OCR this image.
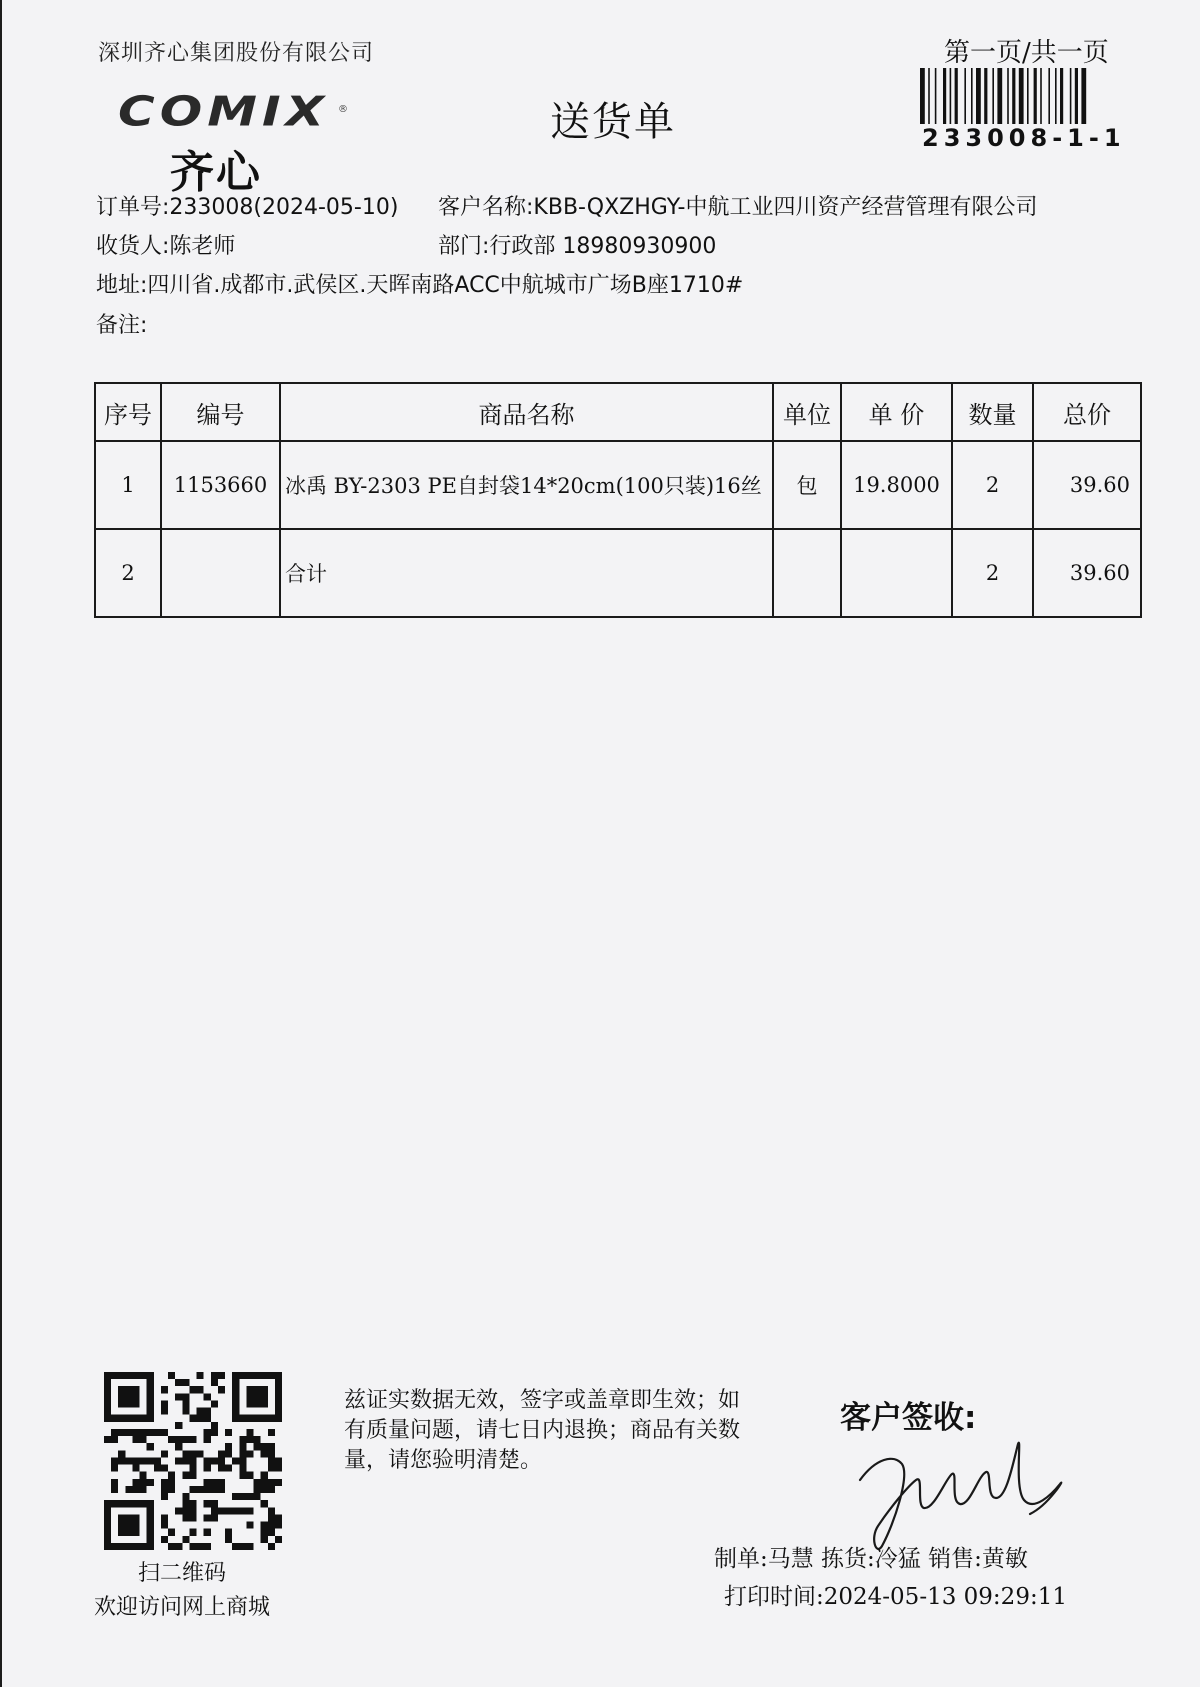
深圳齐心集团股份有限公司	第一页/共一页
233008-1-1
COMIX ®
齐心
送货单
订单号:233008(2024-05-10) 客户名称:KBB-QXZHGY-中航工业四川资产经营管理有限公司
收货人:陈老师	部门:行政部 18980930900
地址:四川省.成都市.武侯区.天晖南路ACC中航城市广场B座1710#
备注:
序号	编号	商品名称	单位	单 价	数量	总价
1	1153660	冰禹 BY-2303 PE自封袋14*20cm(100只装)16丝	包	19.8000	2	39.60
2		合计			2	39.60
扫二维码
欢迎访问网上商城
兹证实数据无效，签字或盖章即生效；如有质量问题，请七日内退换；商品有关数量，请您验明清楚。
客户签收:
制单:马慧 拣货:冷猛 销售:黄敏
打印时间:2024-05-13 09:29:11
